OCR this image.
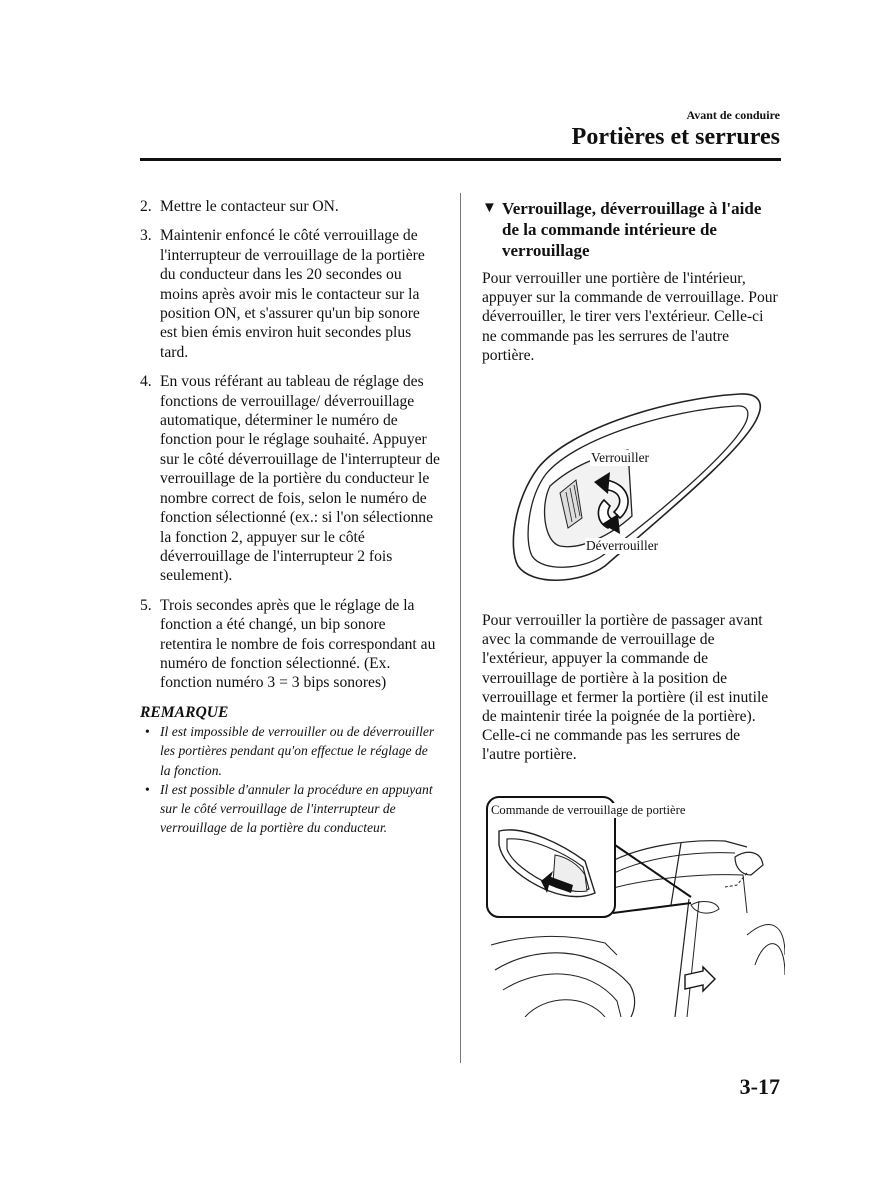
Avant de conduire
Portières et serrures
2. Mettre le contacteur sur ON.
3. Maintenir enfoncé le côté verrouillage de l'interrupteur de verrouillage de la portière du conducteur dans les 20 secondes ou moins après avoir mis le contacteur sur la position ON, et s'assurer qu'un bip sonore est bien émis environ huit secondes plus tard.
4. En vous référant au tableau de réglage des fonctions de verrouillage/ déverrouillage automatique, déterminer le numéro de fonction pour le réglage souhaité. Appuyer sur le côté déverrouillage de l'interrupteur de verrouillage de la portière du conducteur le nombre correct de fois, selon le numéro de fonction sélectionné (ex.: si l'on sélectionne la fonction 2, appuyer sur le côté déverrouillage de l'interrupteur 2 fois seulement).
5. Trois secondes après que le réglage de la fonction a été changé, un bip sonore retentira le nombre de fois correspondant au numéro de fonction sélectionné. (Ex. fonction numéro 3 = 3 bips sonores)
REMARQUE
• Il est impossible de verrouiller ou de déverrouiller les portières pendant qu'on effectue le réglage de la fonction.
• Il est possible d'annuler la procédure en appuyant sur le côté verrouillage de l'interrupteur de verrouillage de la portière du conducteur.
▼ Verrouillage, déverrouillage à l'aide de la commande intérieure de verrouillage
Pour verrouiller une portière de l'intérieur, appuyer sur la commande de verrouillage. Pour déverrouiller, le tirer vers l'extérieur. Celle-ci ne commande pas les serrures de l'autre portière.
Verrouiller
Déverrouiller
Pour verrouiller la portière de passager avant avec la commande de verrouillage de l'extérieur, appuyer la commande de verrouillage de portière à la position de verrouillage et fermer la portière (il est inutile de maintenir tirée la poignée de la portière).
Celle-ci ne commande pas les serrures de l'autre portière.
Commande de verrouillage de portière
3-17
